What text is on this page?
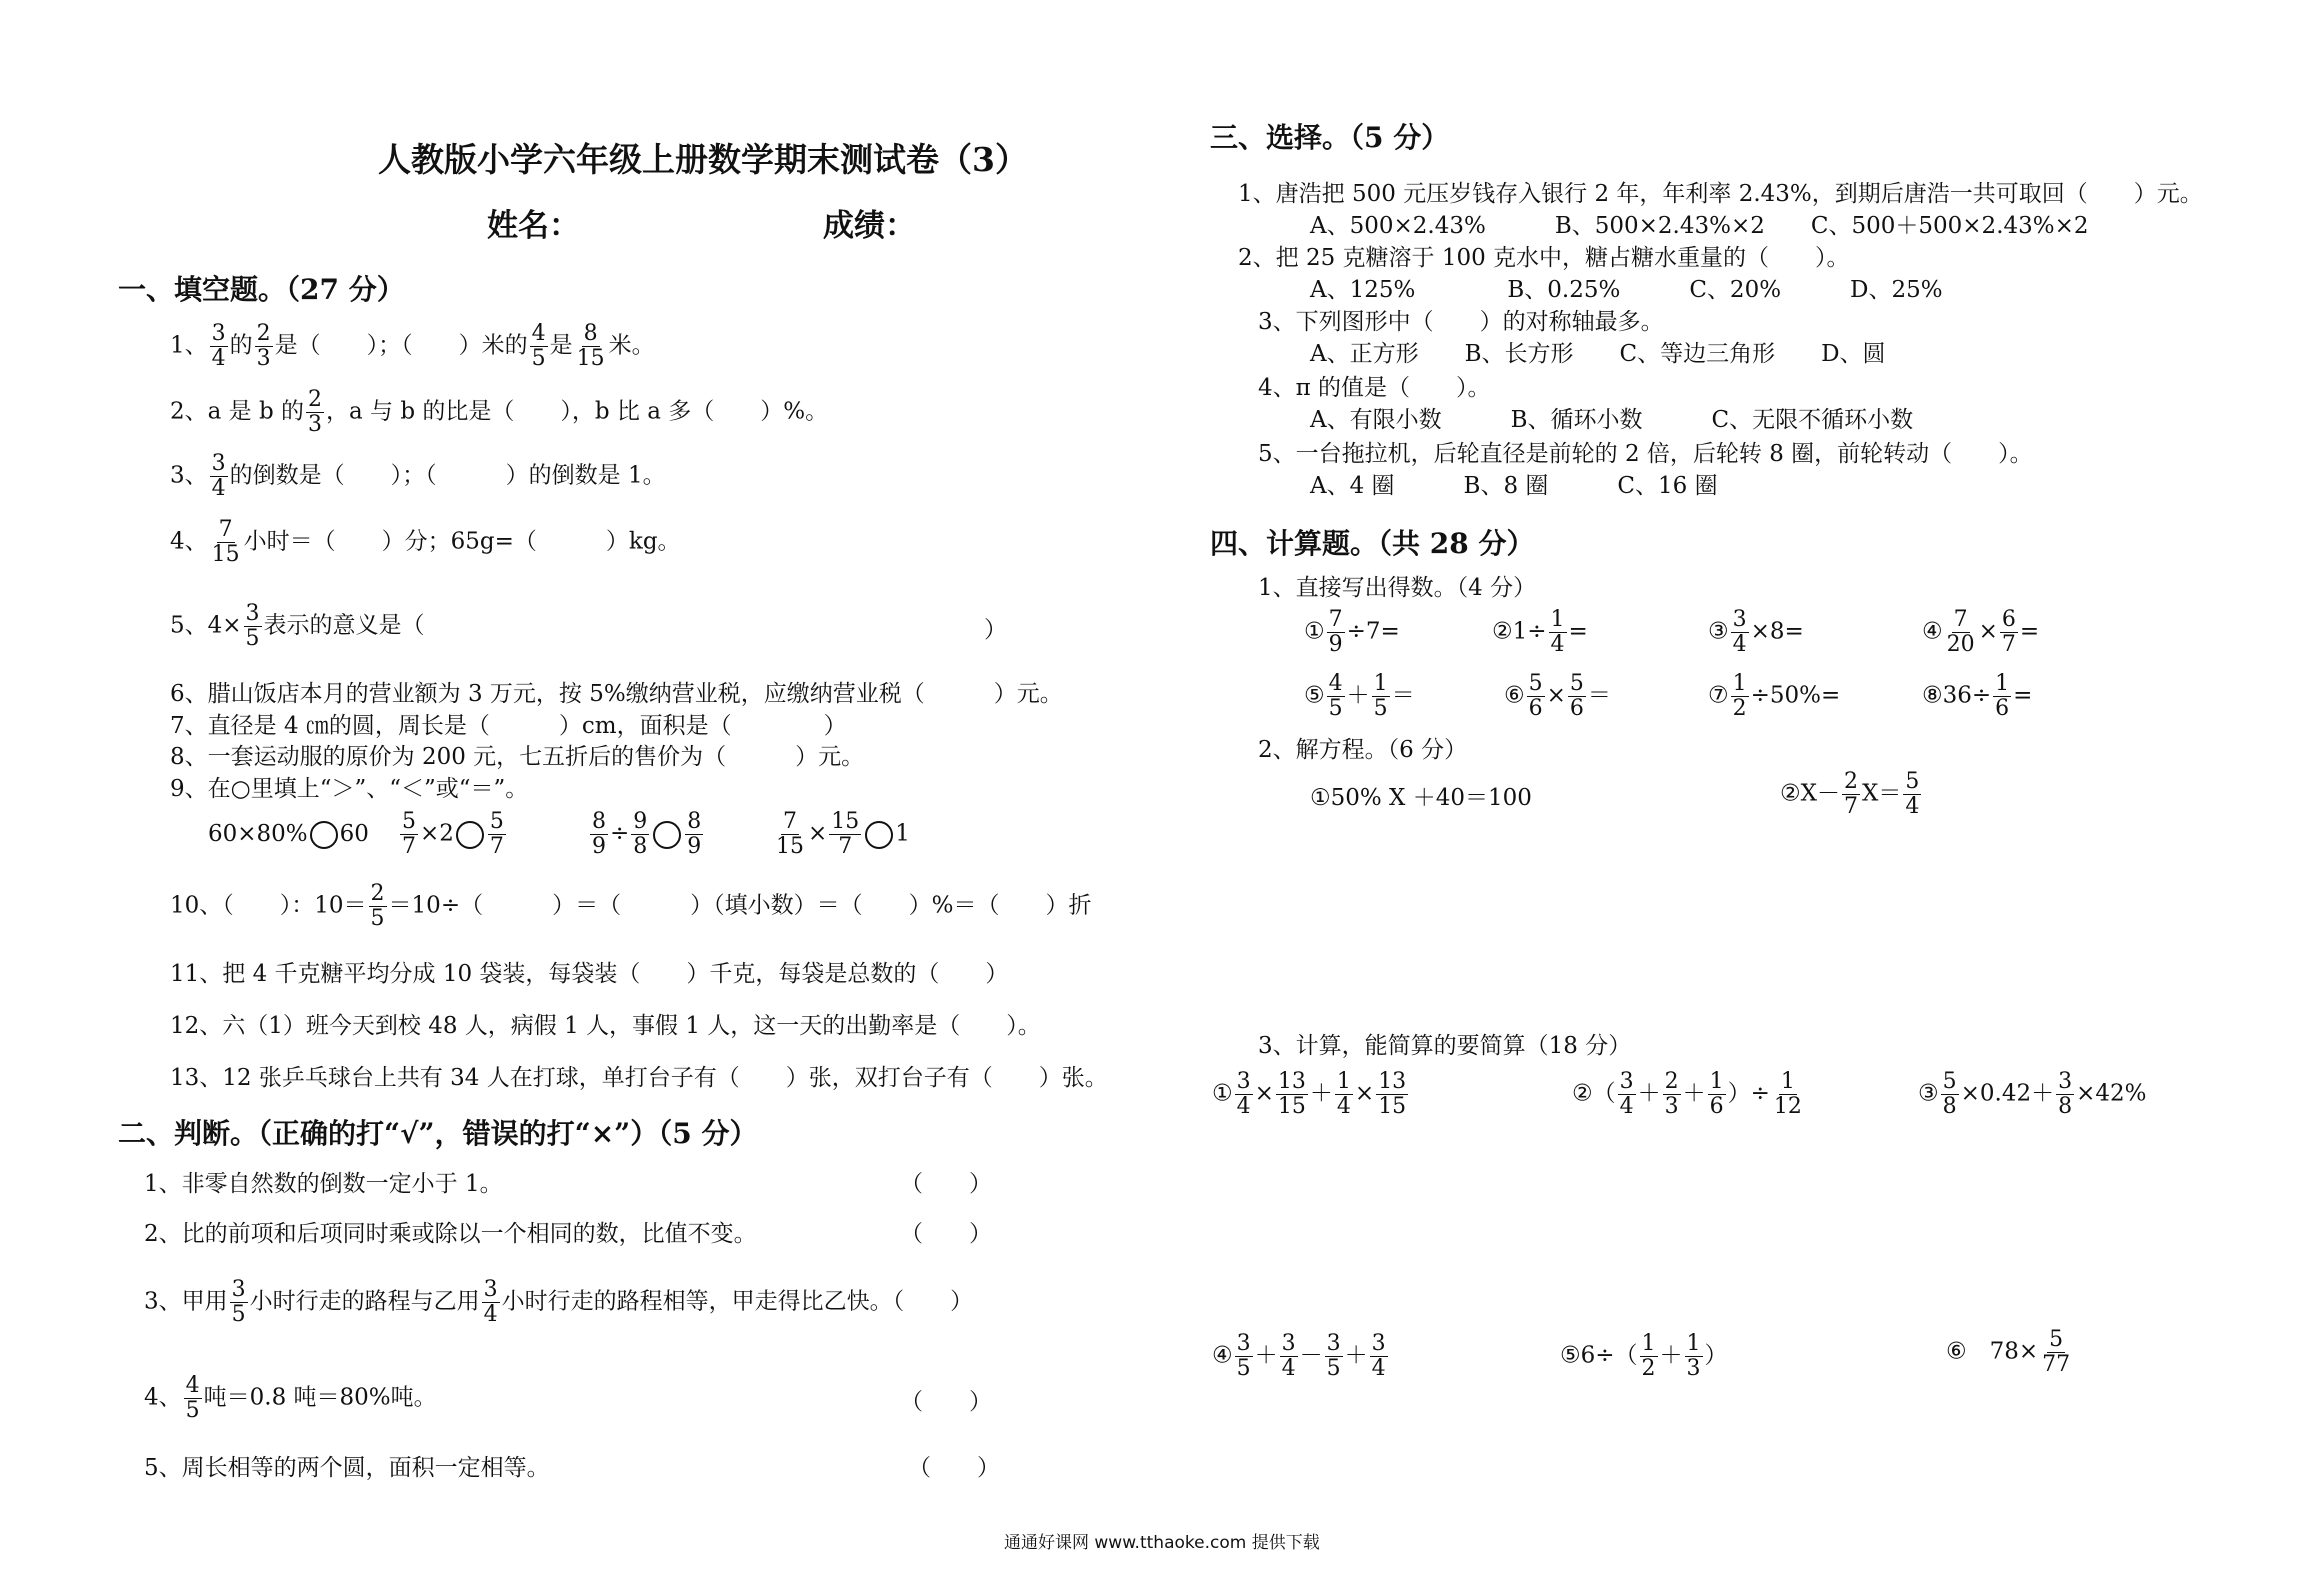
人教版小学六年级上册数学期末测试卷（3）
姓名：	成绩：
一、填空题。（27 分）
1、 $\frac{3}{4}$ 的 $\frac{2}{3}$ 是（　　）；（　　）米的 $\frac{4}{5}$ 是 $\frac{8}{15}$ 米。
2、a 是 b 的 $\frac{2}{3}$ ，a 与 b 的比是（　　），b 比 a 多（　　）%。
3、 $\frac{3}{4}$ 的倒数是（　　）；（　　　）的倒数是 1。
4、 $\frac{7}{15}$ 小时＝（　　）分；65g=（　　　）kg。
5、$4\times \frac{3}{5}$ 表示的意义是（	）
6、腊山饭店本月的营业额为 3 万元，按 5%缴纳营业税，应缴纳营业税（　　　）元。
7、直径是 4 ㎝的圆，周长是（　　　）cm，面积是（　　　　）
8、一套运动服的原价为 200 元，七五折后的售价为（　　　）元。
9、在○里填上“＞”、“＜”或“＝”。
60×80% $60 \frac{5}{7} \times 2 \frac{5}{7}$	$\frac{8}{9} \div \frac{9}{8} \frac{8}{9}$	$\frac{7}{15} \times \frac{15}{7} 1$
10、（　　）：$10= \frac{2}{5} =10\div$（　　　）＝（　　　）（填小数）＝（　　）%＝（　　）折
11、把 4 千克糖平均分成 10 袋装，每袋装（　　）千克，每袋是总数的（　　）
12、六（1）班今天到校 48 人，病假 1 人，事假 1 人，这一天的出勤率是（　　）。
13、12 张乒乓球台上共有 34 人在打球，单打台子有（　　）张，双打台子有（　　）张。
二、判断。（正确的打“√”，错误的打“×”）（5 分）
1、非零自然数的倒数一定小于 1。	（　　）
2、比的前项和后项同时乘或除以一个相同的数，比值不变。	（　　）
3、甲用 $\frac{3}{5}$ 小时行走的路程与乙用 $\frac{3}{4}$ 小时行走的路程相等，甲走得比乙快。（　　）
4、 $\frac{4}{5}$ 吨＝0.8 吨＝80%吨。	（　　）
5、周长相等的两个圆，面积一定相等。	（　　）
三、选择。（5 分）
1、唐浩把 500 元压岁钱存入银行 2 年，年利率 2.43%，到期后唐浩一共可取回（　　）元。
A、500×2.43%　　　B、500×2.43%×2　　C、500＋500×2.43%×2
2、把 25 克糖溶于 100 克水中，糖占糖水重量的（　　）。
A、125%　　　　B、0.25%　　　C、20%　　　D、25%
3、下列图形中（　　）的对称轴最多。
A、正方形　　B、长方形　　C、等边三角形　　D、圆
4、π 的值是（　　）。
A、有限小数　　　B、循环小数　　　C、无限不循环小数
5、一台拖拉机，后轮直径是前轮的 2 倍，后轮转 8 圈，前轮转动（　　）。
A、4 圈　　　B、8 圈　　　C、16 圈
四、计算题。（共 28 分）
1、直接写出得数。（4 分）
① $\frac{7}{9} \div 7=$	②1÷ $\frac{1}{4}$ =	③ $\frac{3}{4} \times 8=$	④ $\frac{7}{20} \times \frac{6}{7}$ =
⑤ $\frac{4}{5} + \frac{1}{5}$ ＝	⑥ $\frac{5}{6} \times \frac{5}{6}$ ＝	⑦ $\frac{1}{2} \div 50\%=$	⑧36÷ $\frac{1}{6}$ =
2、解方程。（6 分）
①50% X ＋40＝100	②X－ $\frac{2}{7} X= \frac{5}{4}$
3、计算，能简算的要简算（18 分）
① $\frac{3}{4} \times \frac{13}{15} + \frac{1}{4} \times \frac{13}{15}$	②（ $\frac{3}{4} + \frac{2}{3} + \frac{1}{6}$ ）÷ $\frac{1}{12}$	③ $\frac{5}{8} \times 0.42+ \frac{3}{8} \times 42\%$
④ $\frac{3}{5} + \frac{3}{4} - \frac{3}{5} + \frac{3}{4}$	⑤6÷（ $\frac{1}{2} + \frac{1}{3}$ ）	⑥　$78\times \frac{5}{77}$
通通好课网 www.tthaoke.com 提供下载
